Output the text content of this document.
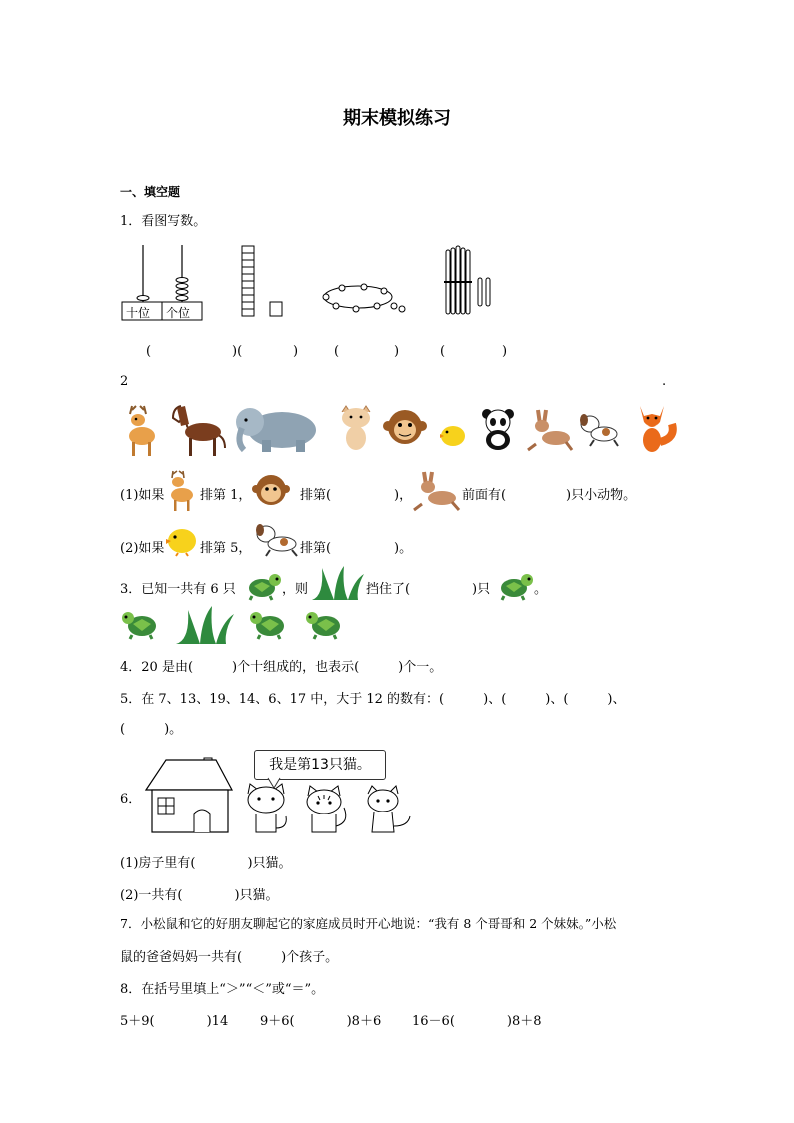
期末模拟练习
一、填空题
1．看图写数。
十位 个位
(	)(	)	(	)	(	)
2	.
(1)如果	排第 1，	排第(	)，	前面有(	)只小动物。
(2)如果	排第 5，	排第(	)。
3．已知一共有 6 只	，则	挡住了(	)只	。
4．20 是由(　　　)个十组成的，也表示(　　　)个一。
5．在 7、13、19、14、6、17 中，大于 12 的数有：(　　　)、(　　　)、(　　　)、
(　　　)。
6．
我是第13只猫。
(1)房子里有(　　　　)只猫。
(2)一共有(　　　　)只猫。
7．小松鼠和它的好朋友聊起它的家庭成员时开心地说：“我有 8 个哥哥和 2 个妹妹。”小松
鼠的爸爸妈妈一共有(　　　)个孩子。
8．在括号里填上“＞”“＜”或“＝”。
5＋9(　　　　)14 9＋6(　　　　)8＋6 16－6(　　　　)8＋8
